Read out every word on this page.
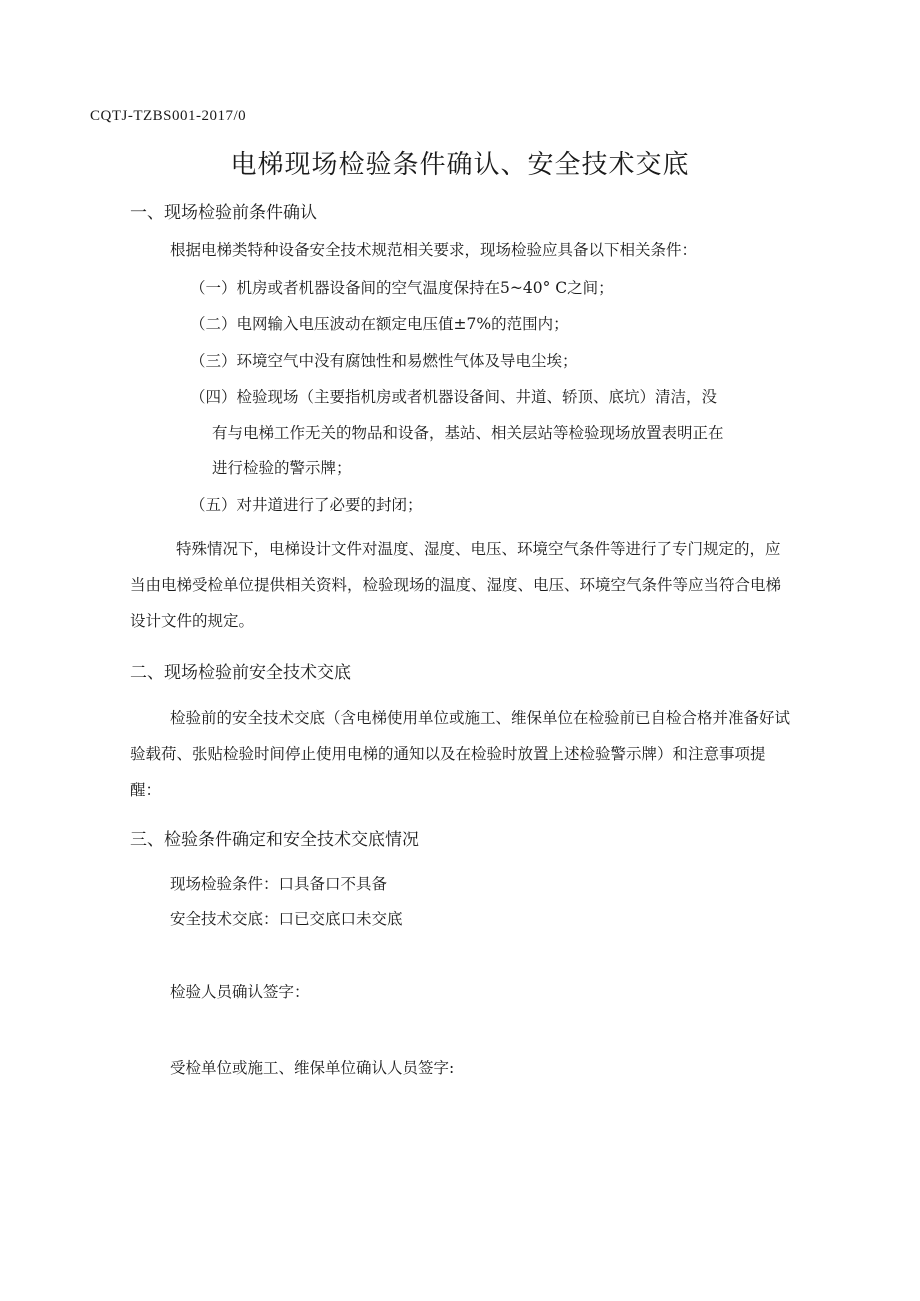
CQTJ-TZBS001-2017/0
电梯现场检验条件确认、安全技术交底
一、现场检验前条件确认
根据电梯类特种设备安全技术规范相关要求，现场检验应具备以下相关条件：
（一）机房或者机器设备间的空气温度保持在5~40° C之间；
（二）电网输入电压波动在额定电压值±7%的范围内；
（三）环境空气中没有腐蚀性和易燃性气体及导电尘埃；
（四）检验现场（主要指机房或者机器设备间、井道、轿顶、底坑）清洁，没
有与电梯工作无关的物品和设备，基站、相关层站等检验现场放置表明正在
进行检验的警示牌；
（五）对井道进行了必要的封闭；
特殊情况下，电梯设计文件对温度、湿度、电压、环境空气条件等进行了专门规定的，应当由电梯受检单位提供相关资料，检验现场的温度、湿度、电压、环境空气条件等应当符合电梯设计文件的规定。
二、现场检验前安全技术交底
检验前的安全技术交底（含电梯使用单位或施工、维保单位在检验前已自检合格并准备好试验载荷、张贴检验时间停止使用电梯的通知以及在检验时放置上述检验警示牌）和注意事项提醒：
三、检验条件确定和安全技术交底情况
现场检验条件：口具备口不具备
安全技术交底：口已交底口未交底
检验人员确认签字：
受检单位或施工、维保单位确认人员签字:
